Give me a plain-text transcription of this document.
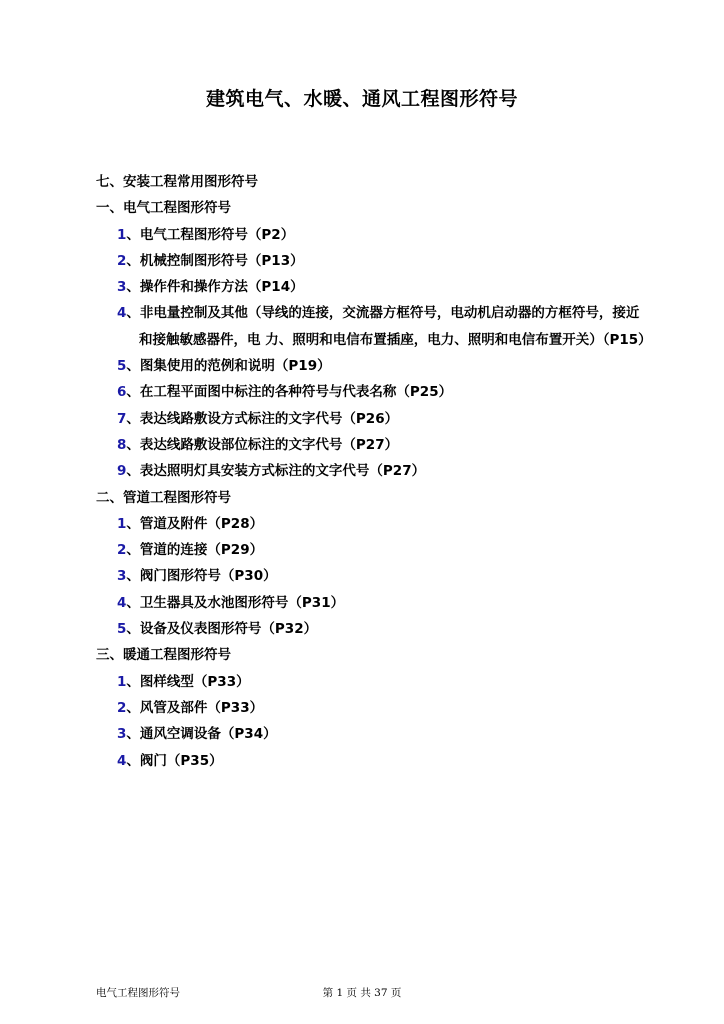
建筑电气、水暖、通风工程图形符号
七、安装工程常用图形符号
一、电气工程图形符号
1、电气工程图形符号（P2）
2、机械控制图形符号（P13）
3、操作件和操作方法（P14）
4、非电量控制及其他（导线的连接，交流器方框符号，电动机启动器的方框符号，接近和接触敏感器件，电 力、照明和电信布置插座，电力、照明和电信布置开关）（P15）
5、图集使用的范例和说明（P19）
6、在工程平面图中标注的各种符号与代表名称（P25）
7、表达线路敷设方式标注的文字代号（P26）
8、表达线路敷设部位标注的文字代号（P27）
9、表达照明灯具安装方式标注的文字代号（P27）
二、管道工程图形符号
1、管道及附件（P28）
2、管道的连接（P29）
3、阀门图形符号（P30）
4、卫生器具及水池图形符号（P31）
5、设备及仪表图形符号（P32）
三、暖通工程图形符号
1、图样线型（P33）
2、风管及部件（P33）
3、通风空调设备（P34）
4、阀门（P35）
电气工程图形符号	第 1 页 共 37 页
